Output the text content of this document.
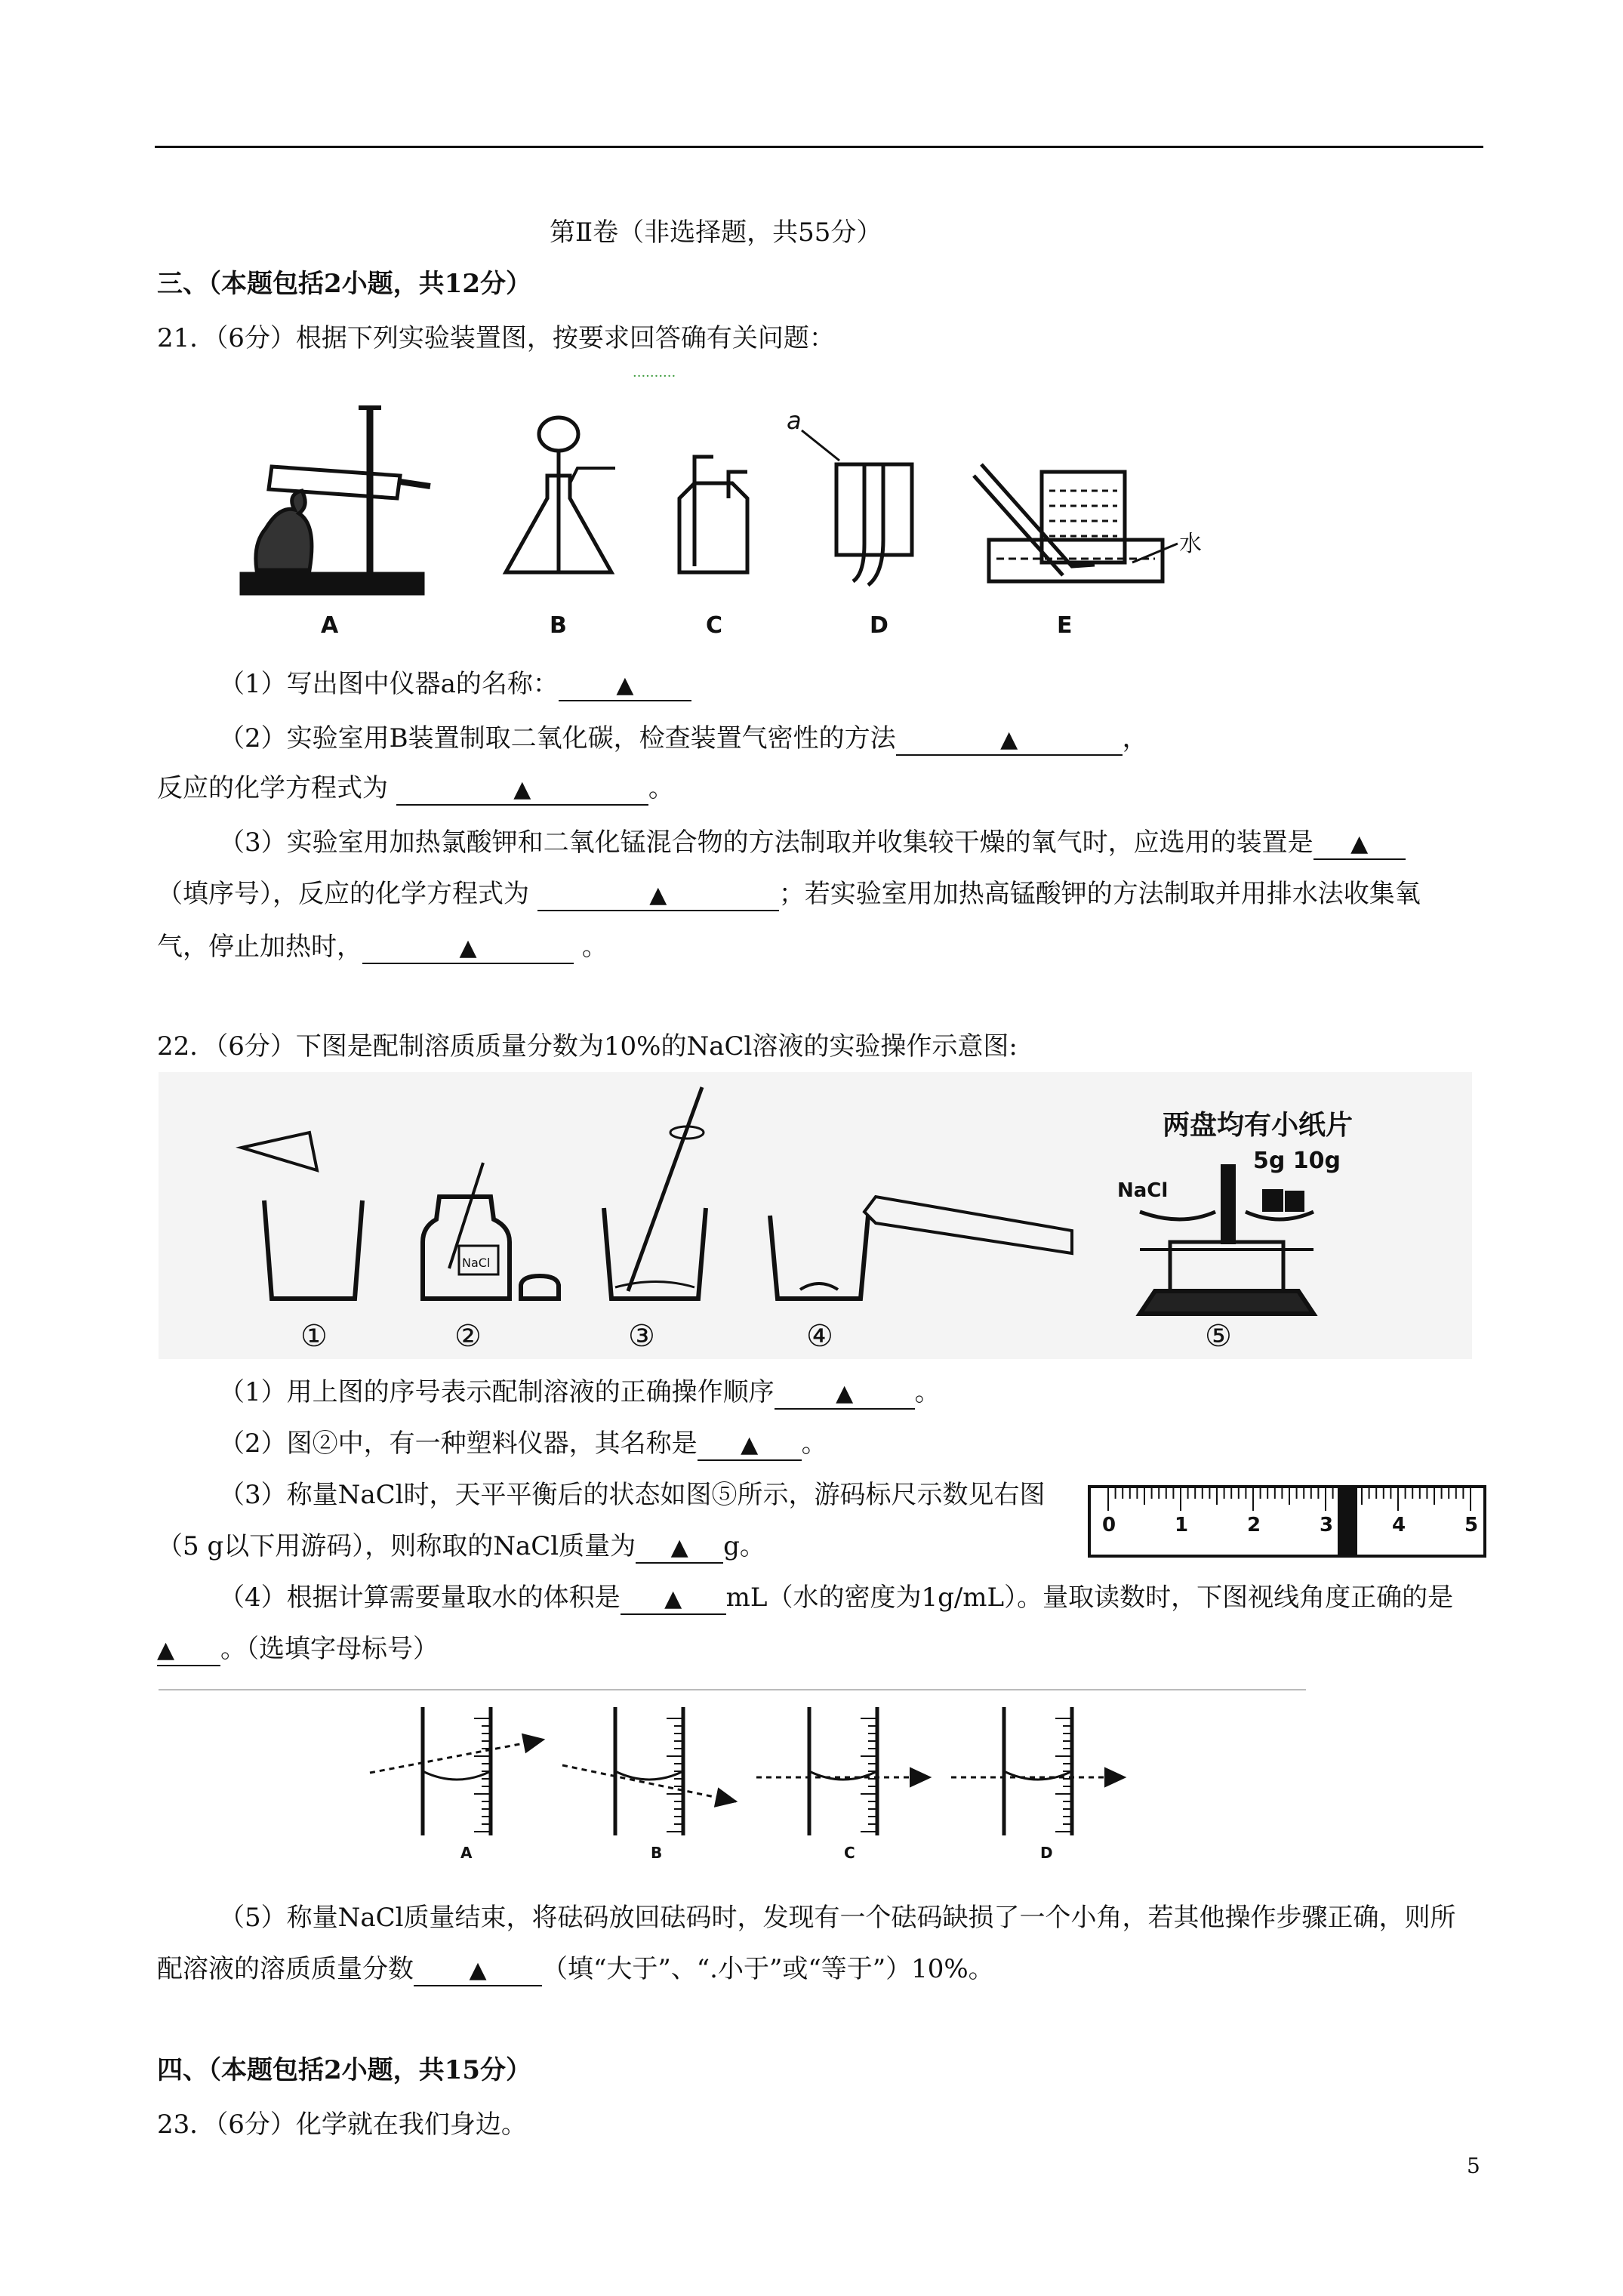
第Ⅱ卷（非选择题，共55分）
三、（本题包括2小题，共12分）
21．（6分）根据下列实验装置图，按要求回答确有关问题：
··········
a
水
A	B	C	D	E
（1）写出图中仪器a的名称：	▲
（2）实验室用B装置制取二氧化碳，检查装置气密性的方法	▲	，
反应的化学方程式为	▲	。
（3）实验室用加热氯酸钾和二氧化锰混合物的方法制取并收集较干燥的氧气时，应选用的装置是 ▲
（填序号），反应的化学方程式为	▲	；若实验室用加热高锰酸钾的方法制取并用排水法收集氧
气，停止加热时，	▲	。
22．（6分）下图是配制溶质质量分数为10%的NaCl溶液的实验操作示意图:
两盘均有小纸片
NaCl
5g 10g
NaCl
①	②	③	④	⑤
（1）用上图的序号表示配制溶液的正确操作顺序	▲ 。
（2）图②中，有一种塑料仪器，其名称是 ▲ 。
（3）称量NaCl时，天平平衡后的状态如图⑤所示，游码标尺示数见右图
（5 g以下用游码），则称取的NaCl质量为 ▲ g。
0	1	2	3	4	5
（4）根据计算需要量取水的体积是 ▲ mL（水的密度为1g/mL）。量取读数时，下图视线角度正确的是
▲ 。（选填字母标号）
A	B	C	D
（5）称量NaCl质量结束，将砝码放回砝码时，发现有一个砝码缺损了一个小角，若其他操作步骤正确，则所
配溶液的溶质质量分数 ▲ （填“大于”、“.小于”或“等于”）10%。
四、（本题包括2小题，共15分）
23．（6分）化学就在我们身边。
5
